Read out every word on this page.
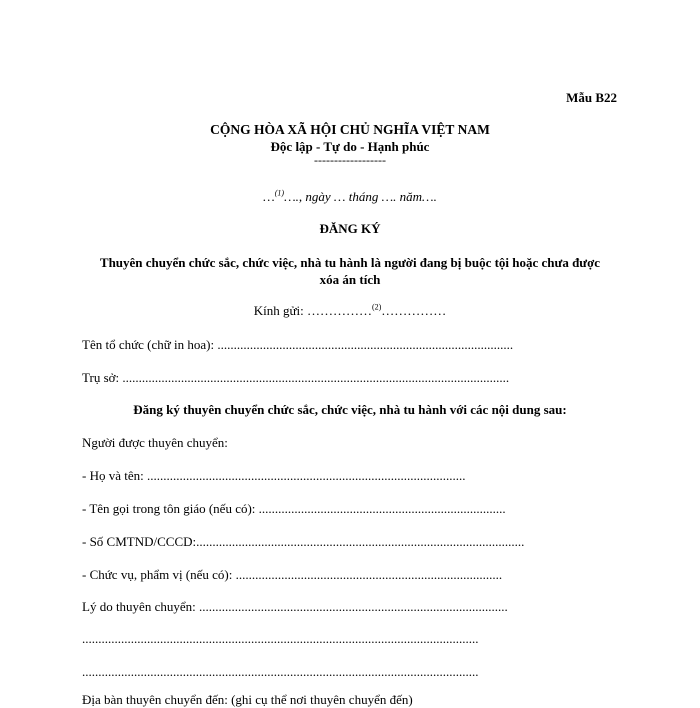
Mẫu B22

CỘNG HÒA XÃ HỘI CHỦ NGHĨA VIỆT NAM

Độc lập - Tự do - Hạnh phúc

------------------

…$^{(1)}$…., ngày … tháng …. năm….

ĐĂNG KÝ

Thuyên chuyển chức sắc, chức việc, nhà tu hành là người đang bị buộc tội hoặc chưa được
xóa án tích

Kính gửi: ……………$^{(2)}$……………

Tên tổ chức (chữ in hoa): ...........................................................................................

Trụ sở: .......................................................................................................................

Đăng ký thuyên chuyển chức sắc, chức việc, nhà tu hành với các nội dung sau:

Người được thuyên chuyển:

- Họ và tên: ..................................................................................................

- Tên gọi trong tôn giáo (nếu có): ............................................................................

- Số CMTND/CCCD:.....................................................................................................

- Chức vụ, phẩm vị (nếu có): ..................................................................................

Lý do thuyên chuyển: ...............................................................................................

..........................................................................................................................

..........................................................................................................................

Địa bàn thuyên chuyển đến: (ghi cụ thể nơi thuyên chuyển đến)
